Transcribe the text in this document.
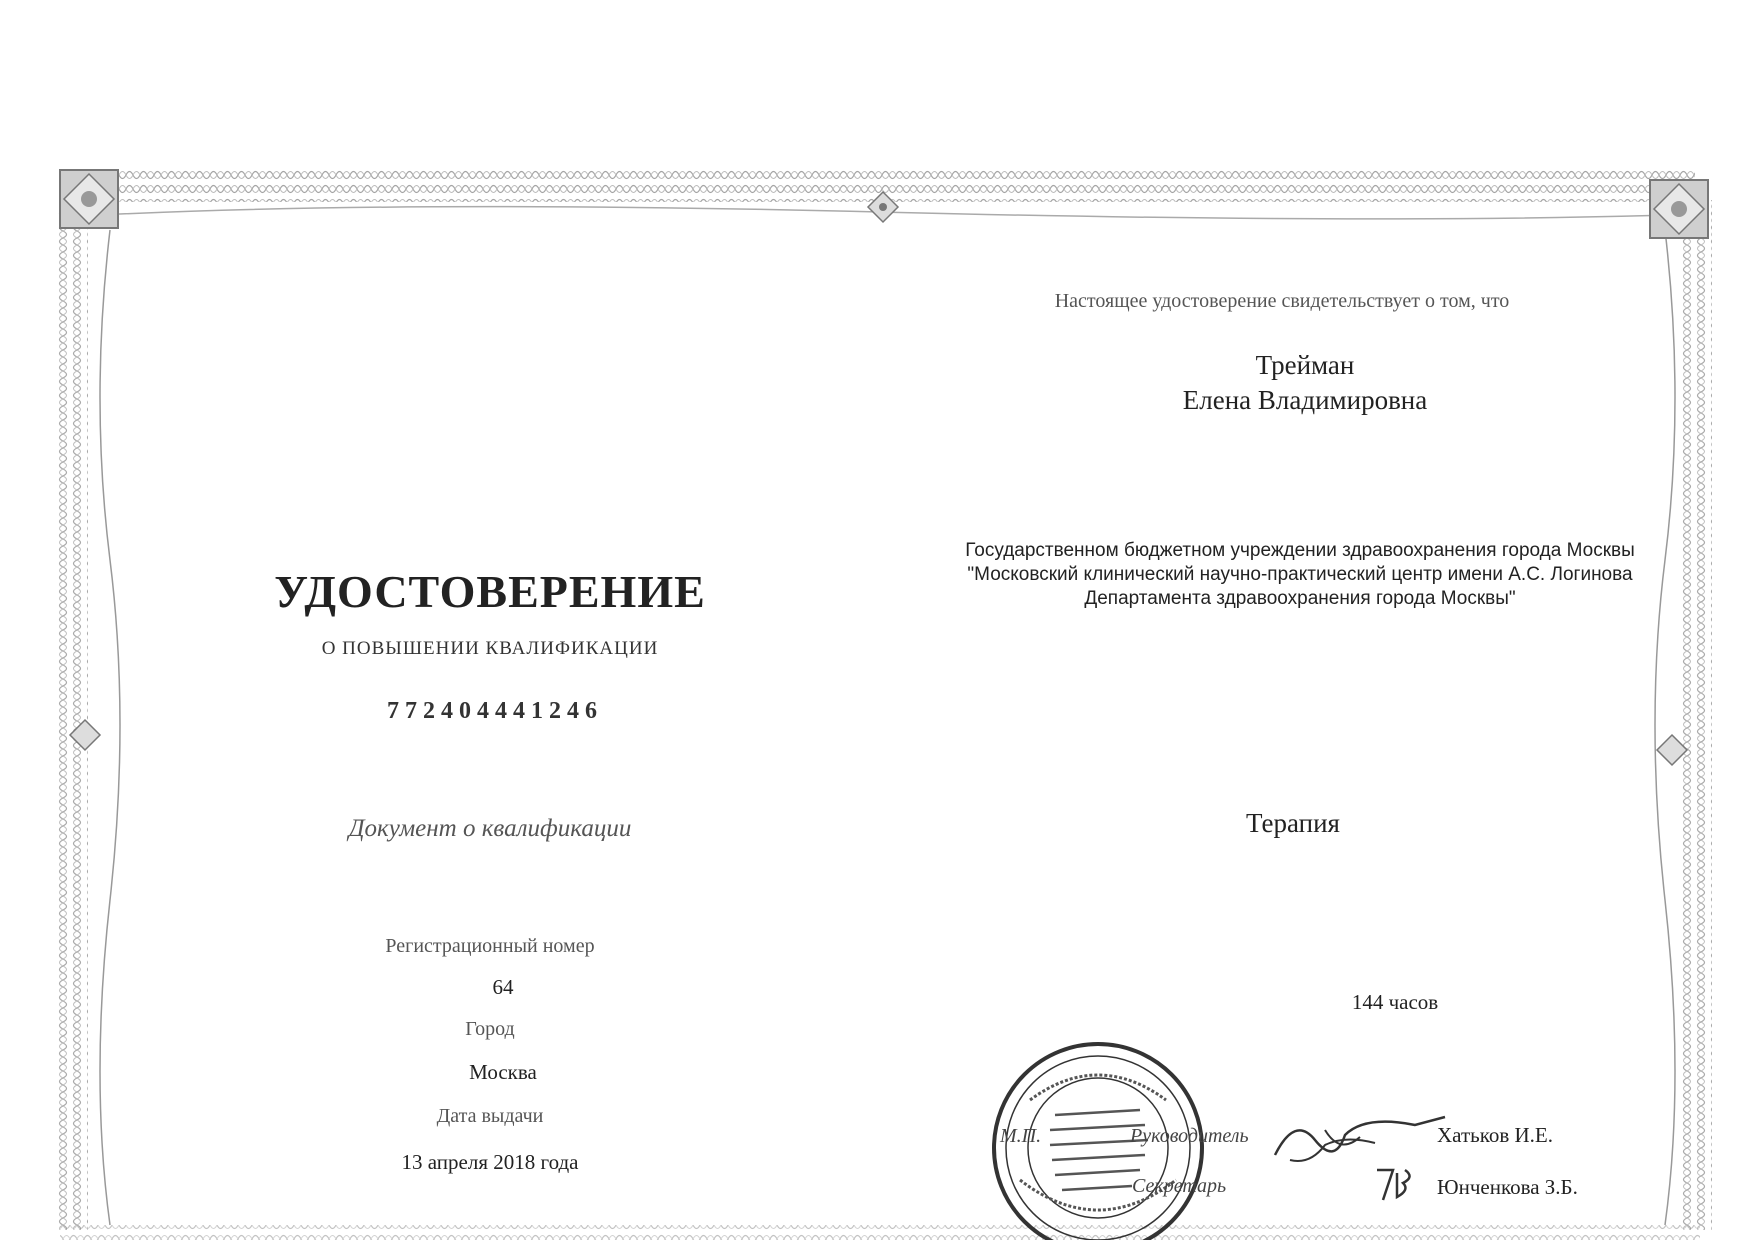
УДОСТОВЕРЕНИЕ
О ПОВЫШЕНИИ КВАЛИФИКАЦИИ
772404441246
Документ о квалификации
Регистрационный номер
64
Город
Москва
Дата выдачи
13 апреля 2018 года
Настоящее удостоверение свидетельствует о том, что
Трейман
Елена Владимировна
Государственном бюджетном учреждении здравоохранения города Москвы
"Московский клинический научно-практический центр имени А.С. Логинова
Департамента здравоохранения города Москвы"
Терапия
144 часов
М.П.	Руководитель
Секретарь
Хатьков И.Е.
Юнченкова З.Б.
